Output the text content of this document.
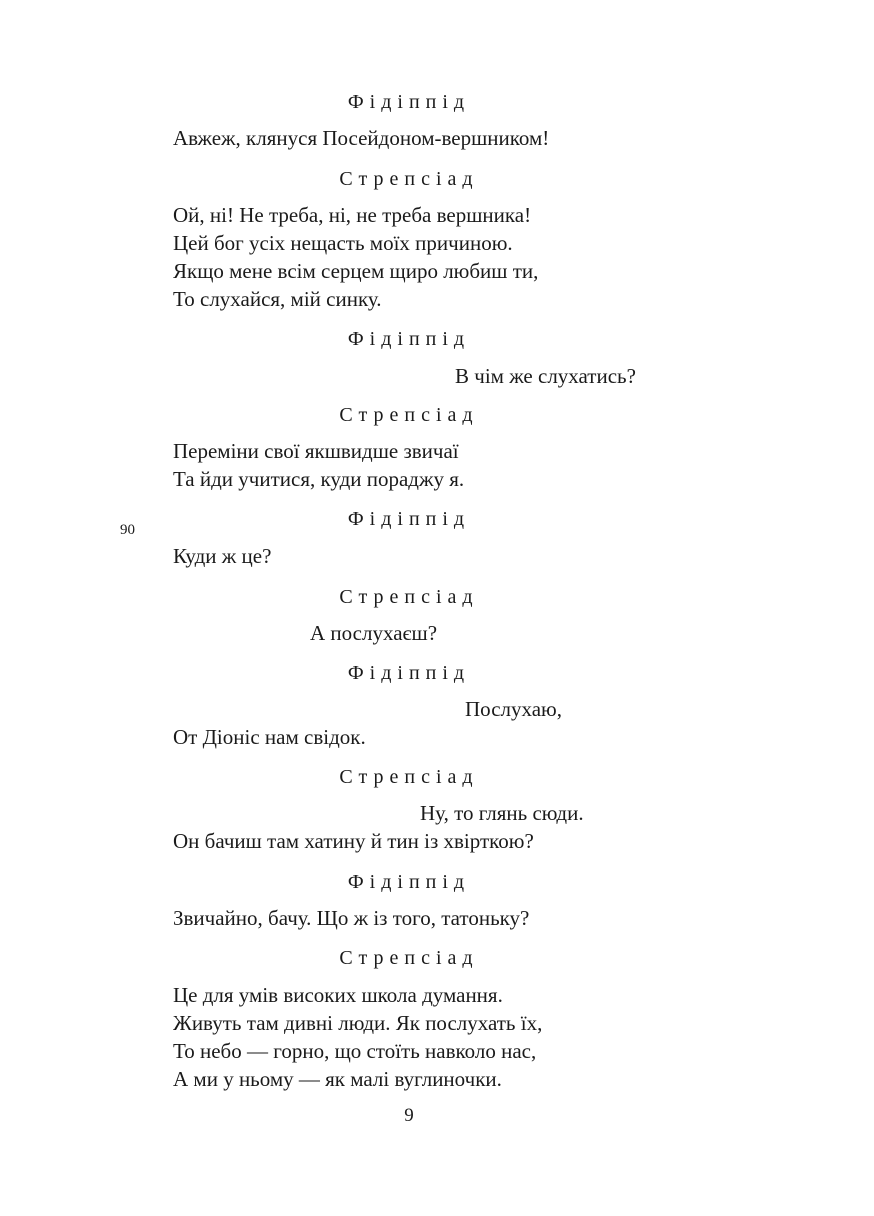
Фідіппід
Авжеж, клянуся Посейдоном-вершником!
Стрепсіад
Ой, ні! Не треба, ні, не треба вершника!
Цей бог усіх нещасть моїх причиною.
Якщо мене всім серцем щиро любиш ти,
То слухайся, мій синку.
Фідіппід
В чім же слухатись?
Стрепсіад
Переміни свої якшвидше звичаї
Та йди учитися, куди пораджу я.
90	Фідіппід
Куди ж це?
Стрепсіад
А послухаєш?
Фідіппід
Послухаю,
От Діоніс нам свідок.
Стрепсіад
Ну, то глянь сюди.
Он бачиш там хатину й тин із хвірткою?
Фідіппід
Звичайно, бачу. Що ж із того, татоньку?
Стрепсіад
Це для умів високих школа думання.
Живуть там дивні люди. Як послухать їх,
То небо — горно, що стоїть навколо нас,
А ми у ньому — як малі вуглиночки.
9
